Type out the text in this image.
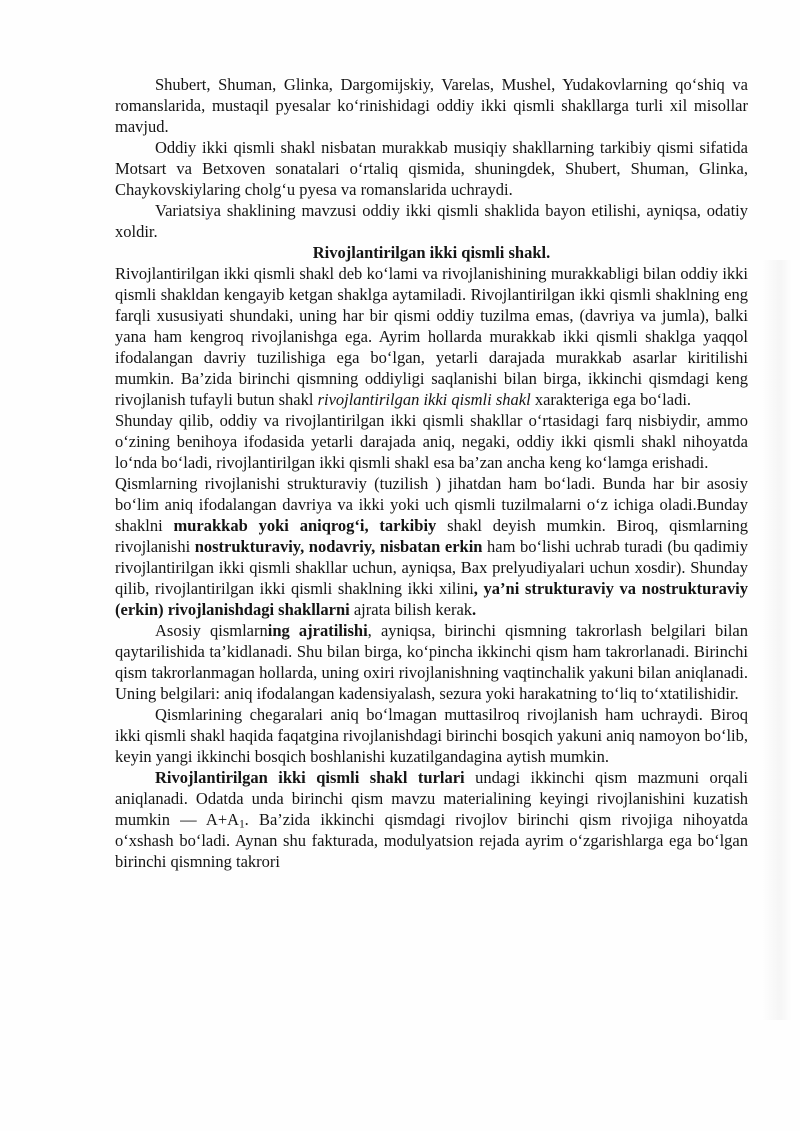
Shubert, Shuman, Glinka, Dargomijskiy, Varelas, Mushel, Yudakovlarning qoʻshiq va romanslarida, mustaqil pyesalar koʻrinishidagi oddiy ikki qismli shakllarga turli xil misollar mavjud.

Oddiy ikki qismli shakl nisbatan murakkab musiqiy shakllarning tarkibiy qismi sifatida Motsart va Betxoven sonatalari oʻrtaliq qismida, shuningdek, Shubert, Shuman, Glinka, Chaykovskiylaring cholgʻu pyesa va romanslarida uchraydi.

Variatsiya shaklining mavzusi oddiy ikki qismli shaklida bayon etilishi, ayniqsa, odatiy xoldir.

Rivojlantirilgan ikki qismli shakl.

Rivojlantirilgan ikki qismli shakl deb koʻlami va rivojlanishining murakkabligi bilan oddiy ikki qismli shakldan kengayib ketgan shaklga aytamiladi. Rivojlantirilgan ikki qismli shaklning eng farqli xususiyati shundaki, uning har bir qismi oddiy tuzilma emas, (davriya va jumla), balki yana ham kengroq rivojlanishga ega. Ayrim hollarda murakkab ikki qismli shaklga yaqqol ifodalangan davriy tuzilishiga ega boʻlgan, yetarli darajada murakkab asarlar kiritilishi mumkin. Ba’zida birinchi qismning oddiyligi saqlanishi bilan birga, ikkinchi qismdagi keng rivojlanish tufayli butun shakl rivojlantirilgan ikki qismli shakl xarakteriga ega boʻladi.

Shunday qilib, oddiy va rivojlantirilgan ikki qismli shakllar oʻrtasidagi farq nisbiydir, ammo oʻzining benihoya ifodasida yetarli darajada aniq, negaki, oddiy ikki qismli shakl nihoyatda loʻnda boʻladi, rivojlantirilgan ikki qismli shakl esa ba’zan ancha keng koʻlamga erishadi.

Qismlarning rivojlanishi strukturaviy (tuzilish ) jihatdan ham boʻladi. Bunda har bir asosiy boʻlim aniq ifodalangan davriya va ikki yoki uch qismli tuzilmalarni oʻz ichiga oladi.Bunday shaklni murakkab yoki aniqrogʻi, tarkibiy shakl deyish mumkin. Biroq, qismlarning rivojlanishi nostrukturaviy, nodavriy, nisbatan erkin ham boʻlishi uchrab turadi (bu qadimiy rivojlantirilgan ikki qismli shakllar uchun, ayniqsa, Bax prelyudiyalari uchun xosdir). Shunday qilib, rivojlantirilgan ikki qismli shaklning ikki xilini, ya’ni strukturaviy va nostrukturaviy (erkin) rivojlanishdagi shakllarni ajrata bilish kerak.

Asosiy qismlarning ajratilishi, ayniqsa, birinchi qismning takrorlash belgilari bilan qaytarilishida ta’kidlanadi. Shu bilan birga, koʻpincha ikkinchi qism ham takrorlanadi. Birinchi qism takrorlanmagan hollarda, uning oxiri rivojlanishning vaqtinchalik yakuni bilan aniqlanadi. Uning belgilari: aniq ifodalangan kadensiyalash, sezura yoki harakatning toʻliq toʻxtatilishidir.

Qismlarining chegaralari aniq boʻlmagan muttasilroq rivojlanish ham uchraydi. Biroq ikki qismli shakl haqida faqatgina rivojlanishdagi birinchi bosqich yakuni aniq namoyon boʻlib, keyin yangi ikkinchi bosqich boshlanishi kuzatilgandagina aytish mumkin.

Rivojlantirilgan ikki qismli shakl turlari undagi ikkinchi qism mazmuni orqali aniqlanadi. Odatda unda birinchi qism mavzu materialining keyingi rivojlanishini kuzatish mumkin — $A+A_1$. Ba’zida ikkinchi qismdagi rivojlov birinchi qism rivojiga nihoyatda oʻxshash boʻladi. Aynan shu fakturada, modulyatsion rejada ayrim oʻzgarishlarga ega boʻlgan birinchi qismning takrori
